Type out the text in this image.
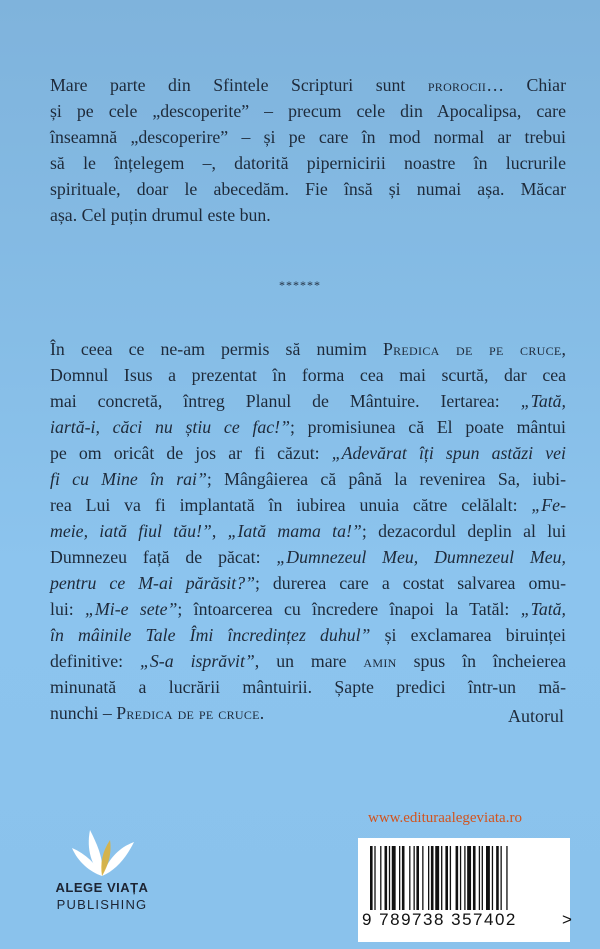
Mare parte din Sfintele Scripturi sunt prorocii… Chiar
și pe cele „descoperite” – precum cele din Apocalipsa, care
înseamnă „descoperire” – și pe care în mod normal ar trebui
să le înțelegem –, datorită pipernicirii noastre în lucrurile
spirituale, doar le abecedăm. Fie însă și numai așa. Măcar
așa. Cel puțin drumul este bun.
******
În ceea ce ne-am permis să numim Predica de pe cruce,
Domnul Isus a prezentat în forma cea mai scurtă, dar cea
mai concretă, întreg Planul de Mântuire. Iertarea: „Tată,
iartă-i, căci nu știu ce fac!”; promisiunea că El poate mântui
pe om oricât de jos ar fi căzut: „Adevărat îți spun astăzi vei
fi cu Mine în rai”; Mângâierea că până la revenirea Sa, iubi-
rea Lui va fi implantată în iubirea unuia către celălalt: „Fe-
meie, iată fiul tău!”, „Iată mama ta!”; dezacordul deplin al lui
Dumnezeu față de păcat: „Dumnezeul Meu, Dumnezeul Meu,
pentru ce M-ai părăsit?”; durerea care a costat salvarea omu-
lui: „Mi-e sete”; întoarcerea cu încredere înapoi la Tatăl: „Tată,
în mâinile Tale Îmi încredințez duhul” și exclamarea biruinței
definitive: „S-a isprăvit”, un mare amin spus în încheierea
minunată a lucrării mântuirii. Șapte predici într-un mă-
nunchi – Predica de pe cruce.	Autorul
www.edituraalegeviata.ro
ALEGE VIAȚA
PUBLISHING
9 789738 357402	>
